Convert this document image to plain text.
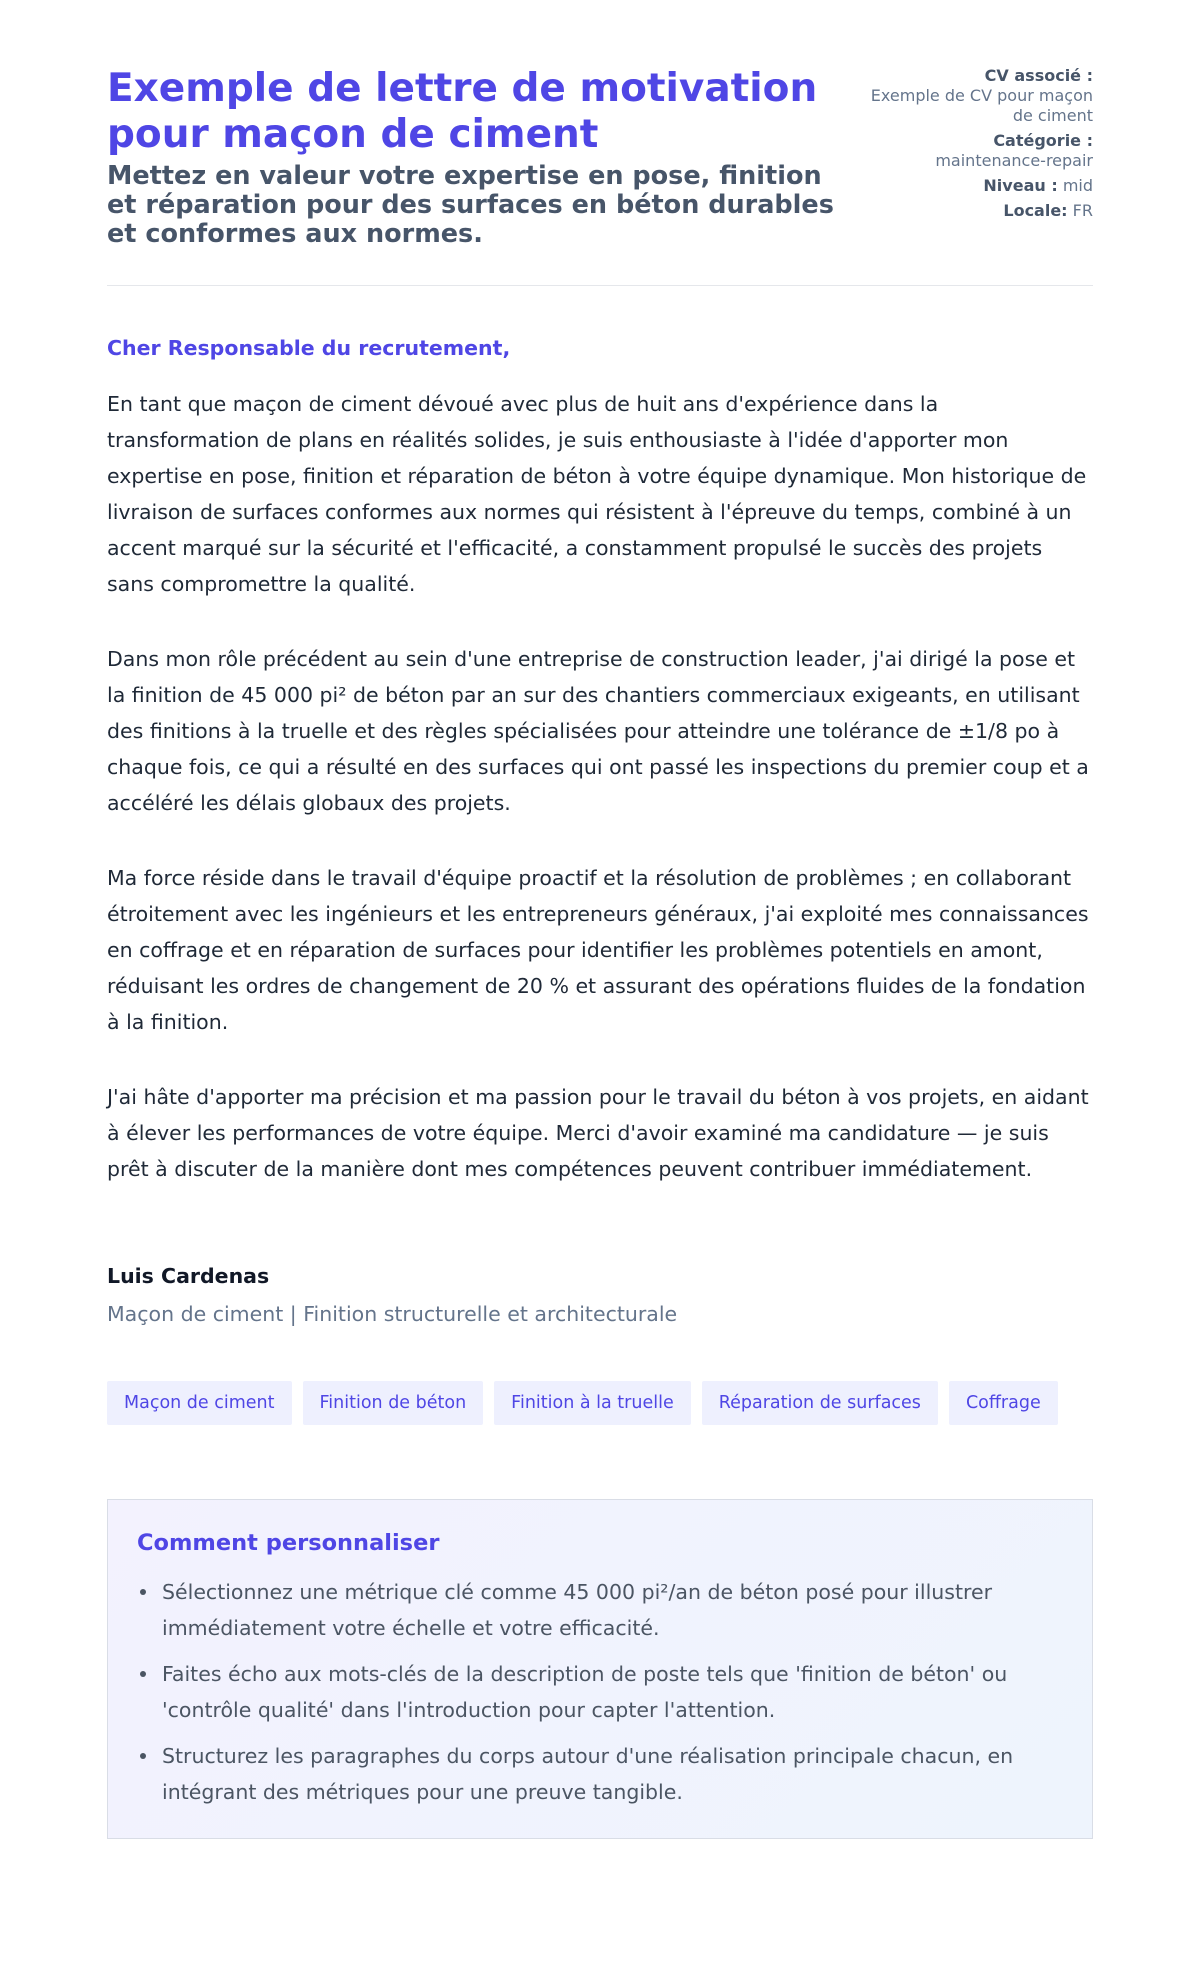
Exemple de lettre de motivation pour maçon de ciment
Mettez en valeur votre expertise en pose, finition et réparation pour des surfaces en béton durables et conformes aux normes.
CV associé :
Exemple de CV pour maçon de ciment
Catégorie :
maintenance-repair
Niveau : mid
Locale: FR

Cher Responsable du recrutement,

En tant que maçon de ciment dévoué avec plus de huit ans d'expérience dans la transformation de plans en réalités solides, je suis enthousiaste à l'idée d'apporter mon expertise en pose, finition et réparation de béton à votre équipe dynamique. Mon historique de livraison de surfaces conformes aux normes qui résistent à l'épreuve du temps, combiné à un accent marqué sur la sécurité et l'efficacité, a constamment propulsé le succès des projets sans compromettre la qualité.

Dans mon rôle précédent au sein d'une entreprise de construction leader, j'ai dirigé la pose et la finition de 45 000 pi² de béton par an sur des chantiers commerciaux exigeants, en utilisant des finitions à la truelle et des règles spécialisées pour atteindre une tolérance de ±1/8 po à chaque fois, ce qui a résulté en des surfaces qui ont passé les inspections du premier coup et a accéléré les délais globaux des projets.

Ma force réside dans le travail d'équipe proactif et la résolution de problèmes ; en collaborant étroitement avec les ingénieurs et les entrepreneurs généraux, j'ai exploité mes connaissances en coffrage et en réparation de surfaces pour identifier les problèmes potentiels en amont, réduisant les ordres de changement de 20 % et assurant des opérations fluides de la fondation à la finition.

J'ai hâte d'apporter ma précision et ma passion pour le travail du béton à vos projets, en aidant à élever les performances de votre équipe. Merci d'avoir examiné ma candidature — je suis prêt à discuter de la manière dont mes compétences peuvent contribuer immédiatement.

Luis Cardenas

Maçon de ciment | Finition structurelle et architecturale

Maçon de ciment	Finition de béton	Finition à la truelle	Réparation de surfaces	Coffrage
Comment personnaliser
Sélectionnez une métrique clé comme 45 000 pi²/an de béton posé pour illustrer immédiatement votre échelle et votre efficacité.
Faites écho aux mots-clés de la description de poste tels que 'finition de béton' ou 'contrôle qualité' dans l'introduction pour capter l'attention.
Structurez les paragraphes du corps autour d'une réalisation principale chacun, en intégrant des métriques pour une preuve tangible.
